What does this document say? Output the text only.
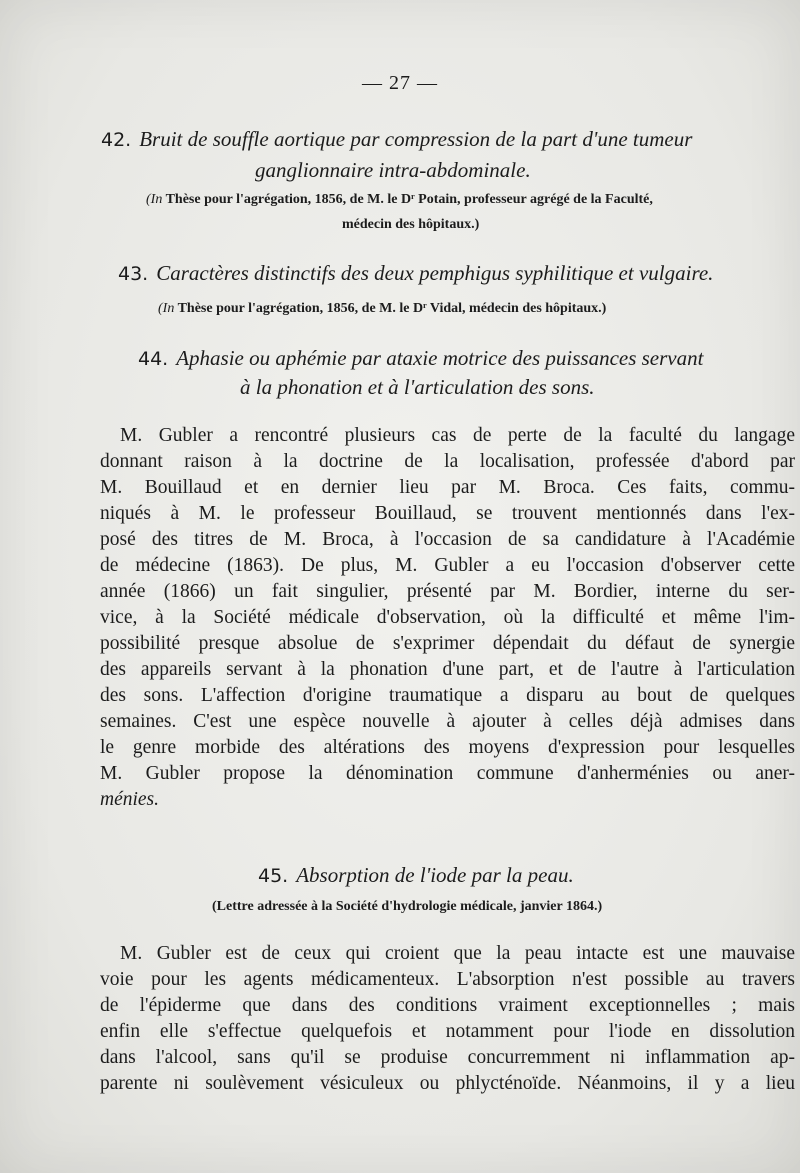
— 27 —
42. Bruit de souffle aortique par compression de la part d'une tumeur
ganglionnaire intra-abdominale.
(In Thèse pour l'agrégation, 1856, de M. le Dʳ Potain, professeur agrégé de la Faculté,
médecin des hôpitaux.)
43. Caractères distinctifs des deux pemphigus syphilitique et vulgaire.
(In Thèse pour l'agrégation, 1856, de M. le Dʳ Vidal, médecin des hôpitaux.)
44. Aphasie ou aphémie par ataxie motrice des puissances servant
à la phonation et à l'articulation des sons.
M. Gubler a rencontré plusieurs cas de perte de la faculté du langage
donnant raison à la doctrine de la localisation, professée d'abord par
M. Bouillaud et en dernier lieu par M. Broca. Ces faits, commu-
niqués à M. le professeur Bouillaud, se trouvent mentionnés dans l'ex-
posé des titres de M. Broca, à l'occasion de sa candidature à l'Académie
de médecine (1863). De plus, M. Gubler a eu l'occasion d'observer cette
année (1866) un fait singulier, présenté par M. Bordier, interne du ser-
vice, à la Société médicale d'observation, où la difficulté et même l'im-
possibilité presque absolue de s'exprimer dépendait du défaut de synergie
des appareils servant à la phonation d'une part, et de l'autre à l'articulation
des sons. L'affection d'origine traumatique a disparu au bout de quelques
semaines. C'est une espèce nouvelle à ajouter à celles déjà admises dans
le genre morbide des altérations des moyens d'expression pour lesquelles
M. Gubler propose la dénomination commune d'anherménies ou aner-
ménies.
45. Absorption de l'iode par la peau.
(Lettre adressée à la Société d'hydrologie médicale, janvier 1864.)
M. Gubler est de ceux qui croient que la peau intacte est une mauvaise
voie pour les agents médicamenteux. L'absorption n'est possible au travers
de l'épiderme que dans des conditions vraiment exceptionnelles ; mais
enfin elle s'effectue quelquefois et notamment pour l'iode en dissolution
dans l'alcool, sans qu'il se produise concurremment ni inflammation ap-
parente ni soulèvement vésiculeux ou phlycténoïde. Néanmoins, il y a lieu
